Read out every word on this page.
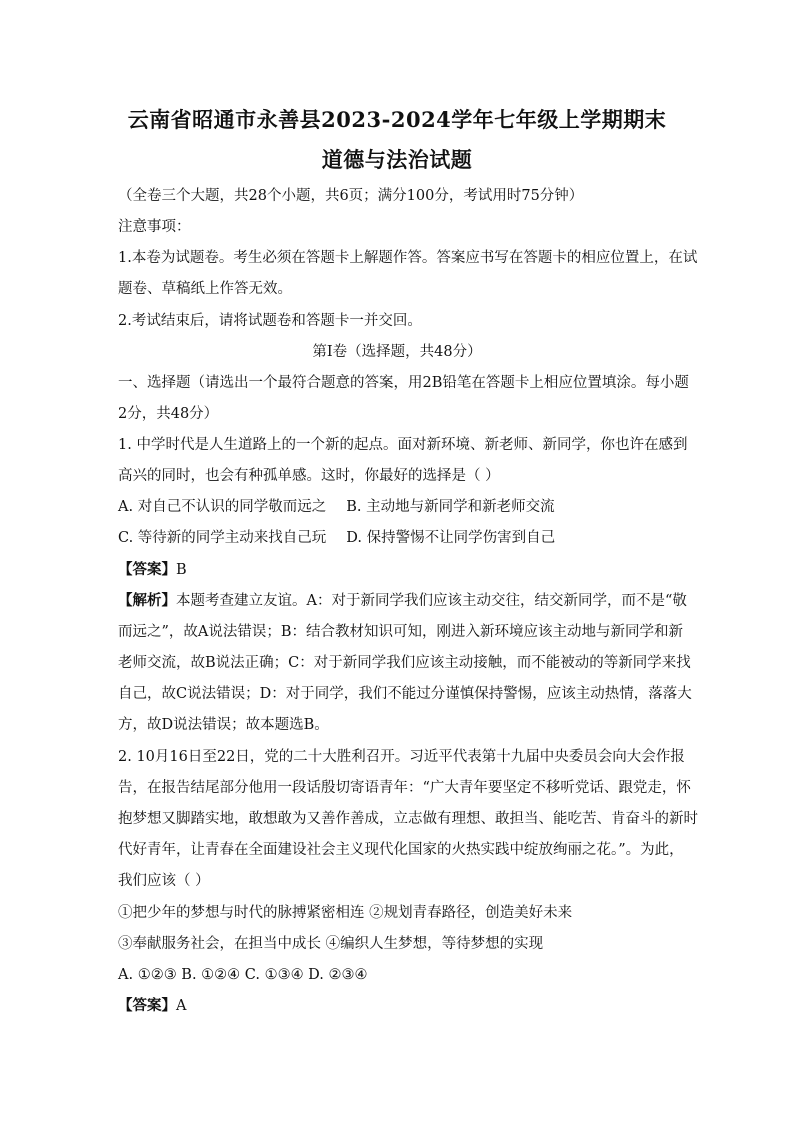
云南省昭通市永善县2023-2024学年七年级上学期期末
道德与法治试题
（全卷三个大题，共28个小题，共6页；满分100分，考试用时75分钟）
注意事项：
1.本卷为试题卷。考生必须在答题卡上解题作答。答案应书写在答题卡的相应位置上，在试
题卷、草稿纸上作答无效。
2.考试结束后，请将试题卷和答题卡一并交回。
第Ⅰ卷（选择题，共48分）
一、选择题（请选出一个最符合题意的答案，用2B铅笔在答题卡上相应位置填涂。每小题
2分，共48分）
1. 中学时代是人生道路上的一个新的起点。面对新环境、新老师、新同学，你也许在感到
高兴的同时，也会有种孤单感。这时，你最好的选择是（ ）
A. 对自己不认识的同学敬而远之 B. 主动地与新同学和新老师交流
C. 等待新的同学主动来找自己玩 D. 保持警惕不让同学伤害到自己
【答案】B
【解析】本题考查建立友谊。A：对于新同学我们应该主动交往，结交新同学，而不是“敬
而远之”，故A说法错误；B：结合教材知识可知，刚进入新环境应该主动地与新同学和新
老师交流，故B说法正确；C：对于新同学我们应该主动接触，而不能被动的等新同学来找
自己，故C说法错误；D：对于同学，我们不能过分谨慎保持警惕，应该主动热情，落落大
方，故D说法错误；故本题选B。
2. 10月16日至22日，党的二十大胜利召开。习近平代表第十九届中央委员会向大会作报
告，在报告结尾部分他用一段话殷切寄语青年：“广大青年要坚定不移听党话、跟党走，怀
抱梦想又脚踏实地，敢想敢为又善作善成，立志做有理想、敢担当、能吃苦、肯奋斗的新时
代好青年，让青春在全面建设社会主义现代化国家的火热实践中绽放绚丽之花。”。为此，
我们应该（ ）
①把少年的梦想与时代的脉搏紧密相连 ②规划青春路径，创造美好未来
③奉献服务社会，在担当中成长 ④编织人生梦想，等待梦想的实现
A. ①②③ B. ①②④ C. ①③④ D. ②③④
【答案】A
